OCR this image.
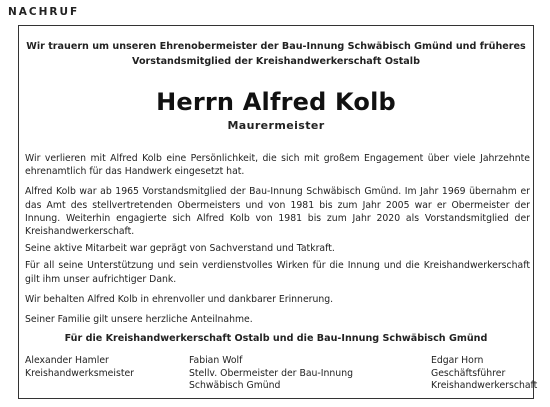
NACHRUF
Wir trauern um unseren Ehrenobermeister der Bau-Innung Schwäbisch Gmünd und früheres
Vorstandsmitglied der Kreishandwerkerschaft Ostalb
Herrn Alfred Kolb
Maurermeister

Wir verlieren mit Alfred Kolb eine Persönlichkeit, die sich mit großem Engagement über viele Jahrzehnte ehrenamtlich für das Handwerk eingesetzt hat.

Alfred Kolb war ab 1965 Vorstandsmitglied der Bau-Innung Schwäbisch Gmünd. Im Jahr 1969 übernahm er das Amt des stellvertretenden Obermeisters und von 1981 bis zum Jahr 2005 war er Obermeister der Innung. Weiterhin engagierte sich Alfred Kolb von 1981 bis zum Jahr 2020 als Vorstandsmitglied der Kreishandwerkerschaft.

Seine aktive Mitarbeit war geprägt von Sachverstand und Tatkraft.

Für all seine Unterstützung und sein verdienstvolles Wirken für die Innung und die Kreishandwerkerschaft gilt ihm unser aufrichtiger Dank.

Wir behalten Alfred Kolb in ehrenvoller und dankbarer Erinnerung.

Seiner Familie gilt unsere herzliche Anteilnahme.

Für die Kreishandwerkerschaft Ostalb und die Bau-Innung Schwäbisch Gmünd
Alexander Hamler
Kreishandwerksmeister
Fabian Wolf
Stellv. Obermeister der Bau-Innung
Schwäbisch Gmünd
Edgar Horn
Geschäftsführer
Kreishandwerkerschaft
